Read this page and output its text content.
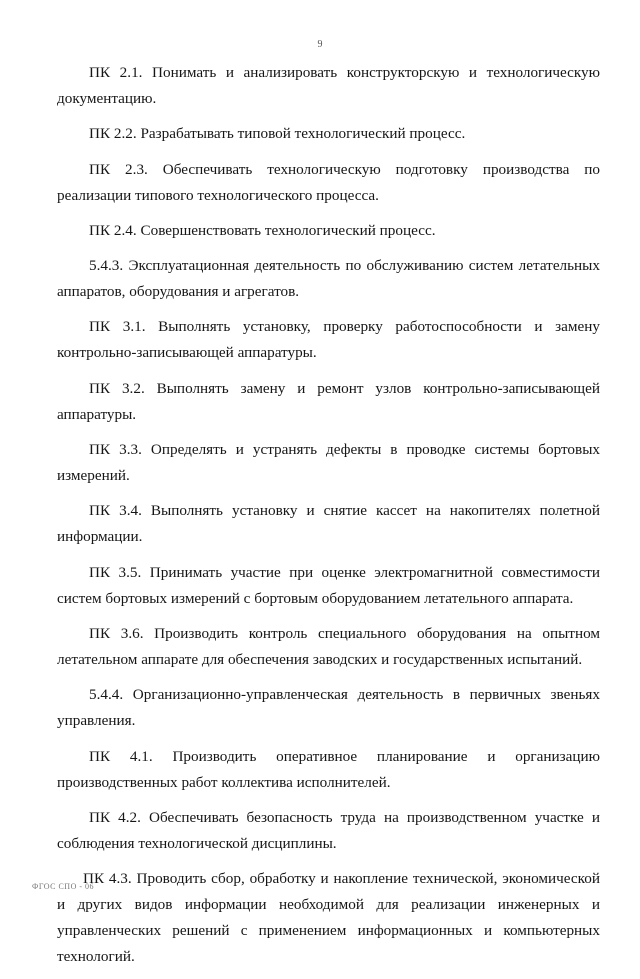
9

ПК 2.1. Понимать и анализировать конструкторскую и технологическую документацию.

ПК 2.2. Разрабатывать типовой технологический процесс.

ПК 2.3. Обеспечивать технологическую подготовку производства по реализации типового технологического процесса.

ПК 2.4. Совершенствовать технологический процесс.

5.4.3. Эксплуатационная деятельность по обслуживанию систем летательных аппаратов, оборудования и агрегатов.

ПК 3.1. Выполнять установку, проверку работоспособности и замену контрольно-записывающей аппаратуры.

ПК 3.2. Выполнять замену и ремонт узлов контрольно-записывающей аппаратуры.

ПК 3.3. Определять и устранять дефекты в проводке системы бортовых измерений.

ПК 3.4. Выполнять установку и снятие кассет на накопителях полетной информации.

ПК 3.5. Принимать участие при оценке электромагнитной совместимости систем бортовых измерений с бортовым оборудованием летательного аппарата.

ПК 3.6. Производить контроль специального оборудования на опытном летательном аппарате для обеспечения заводских и государственных испытаний.

5.4.4. Организационно-управленческая деятельность в первичных звеньях управления.

ПК 4.1. Производить оперативное планирование и организацию производственных работ коллектива исполнителей.

ПК 4.2. Обеспечивать безопасность труда на производственном участке и соблюдения технологической дисциплины.

ПК 4.3. Проводить сбор, обработку и накопление технической, экономической и других видов информации необходимой для реализации инженерных и управленческих решений с применением информационных и компьютерных технологий.

ФГОС СПО - 06
